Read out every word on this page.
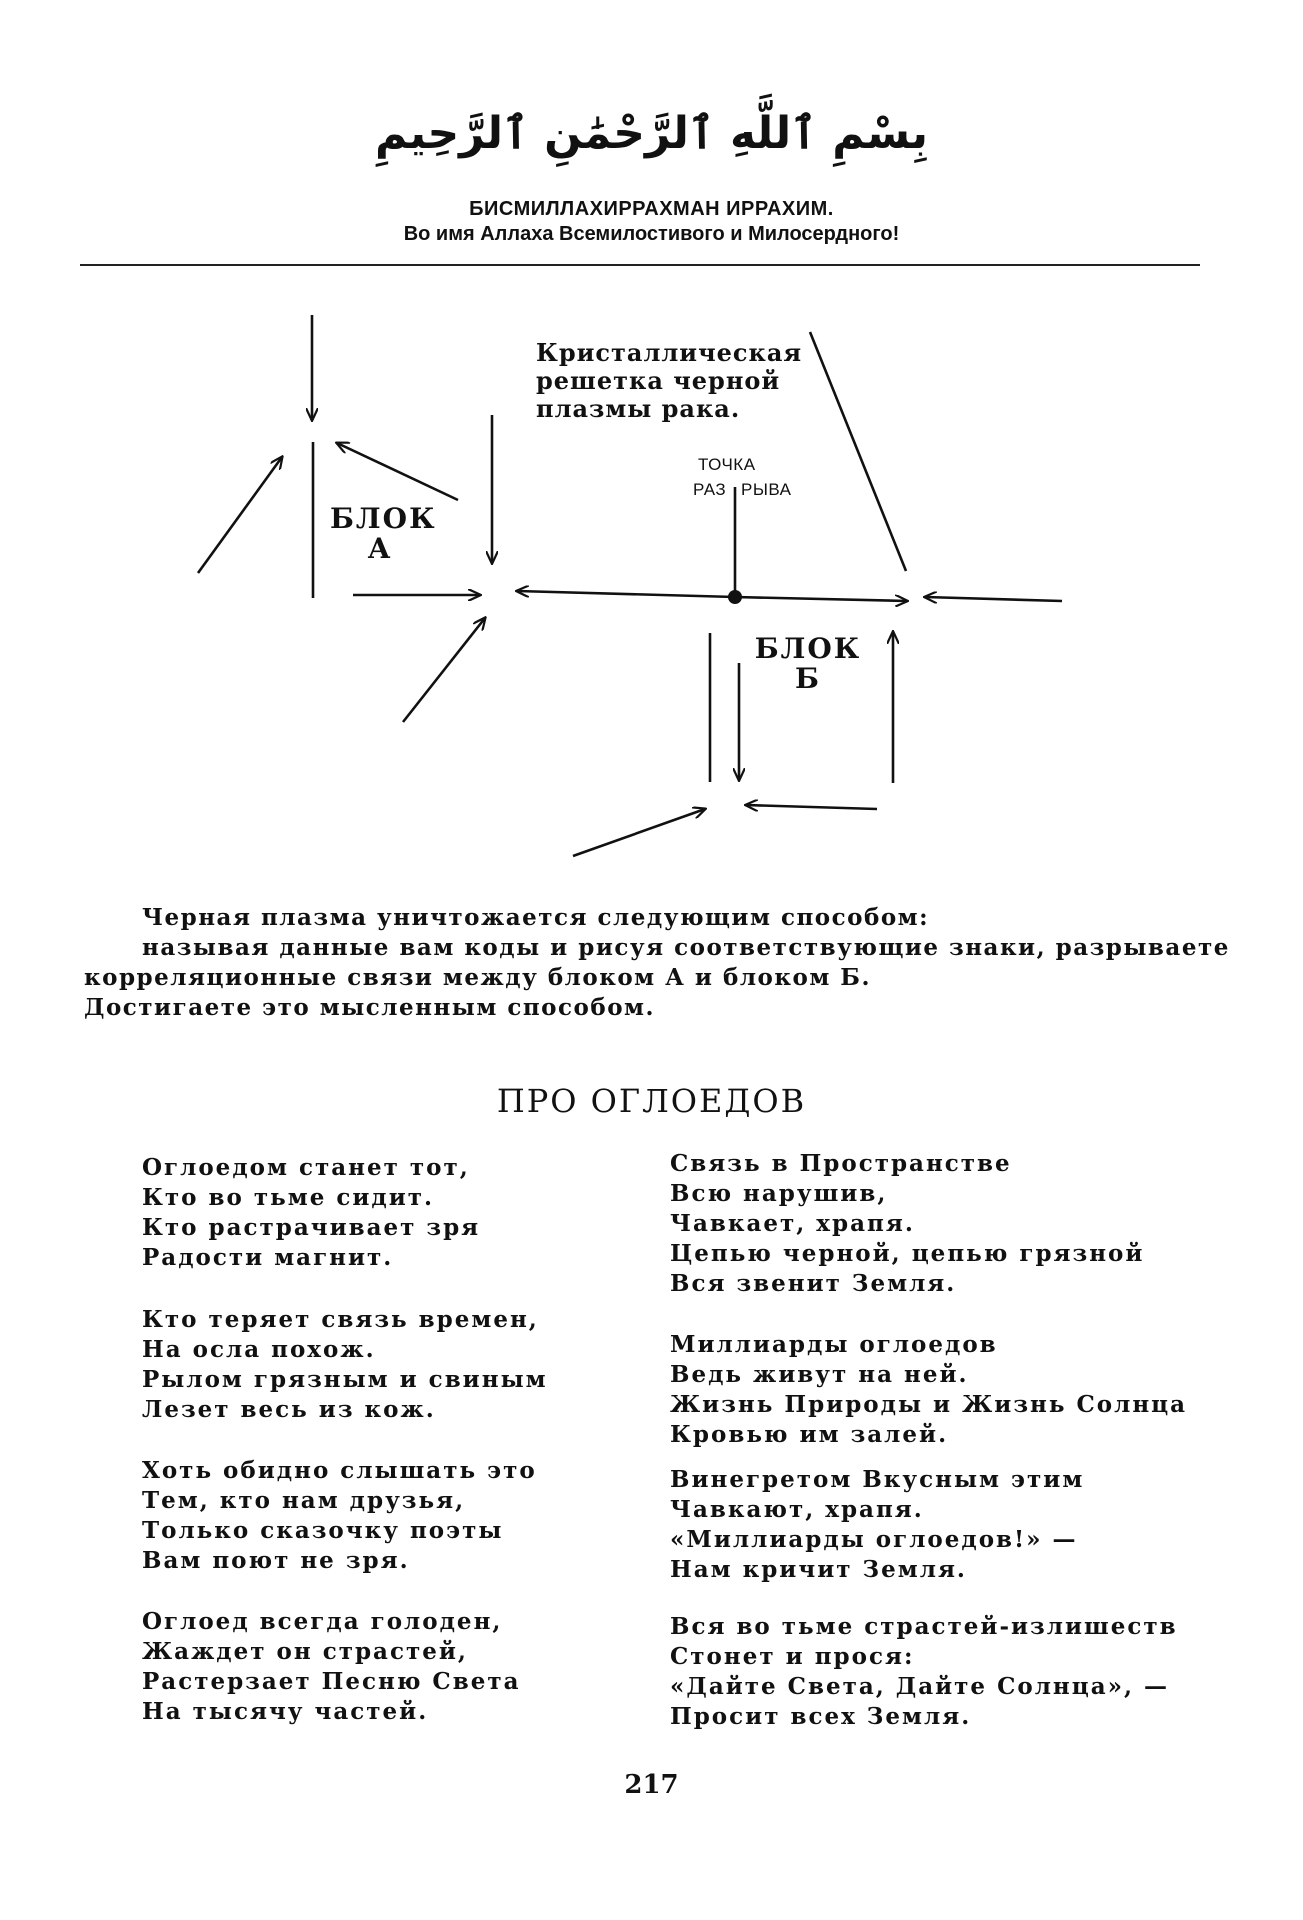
بِسْمِ ٱللَّهِ ٱلرَّحْمَٰنِ ٱلرَّحِيمِ
БИСМИЛЛАХИРРАХМАН ИРРАХИМ.
Во имя Аллаха Всемилостивого и Милосердного!
Кристаллическая
решетка черной
плазмы рака.
БЛОК
А
БЛОК
Б
ТОЧКА
РАЗ РЫВА
Черная плазма уничтожается следующим способом:
называя данные вам коды и рисуя соответствующие знаки, разрываете
корреляционные связи между блоком А и блоком Б.
Достигаете это мысленным способом.
ПРО ОГЛОЕДОВ
Оглоедом станет тот,
Кто во тьме сидит.
Кто растрачивает зря
Радости магнит.
Кто теряет связь времен,
На осла похож.
Рылом грязным и свиным
Лезет весь из кож.
Хоть обидно слышать это
Тем, кто нам друзья,
Только сказочку поэты
Вам поют не зря.
Оглоед всегда голоден,
Жаждет он страстей,
Растерзает Песню Света
На тысячу частей.
Связь в Пространстве
Всю нарушив,
Чавкает, храпя.
Цепью черной, цепью грязной
Вся звенит Земля.
Миллиарды оглоедов
Ведь живут на ней.
Жизнь Природы и Жизнь Солнца
Кровью им залей.
Винегретом Вкусным этим
Чавкают, храпя.
«Миллиарды оглоедов!» —
Нам кричит Земля.
Вся во тьме страстей-излишеств
Стонет и прося:
«Дайте Света, Дайте Солнца», —
Просит всех Земля.
217
